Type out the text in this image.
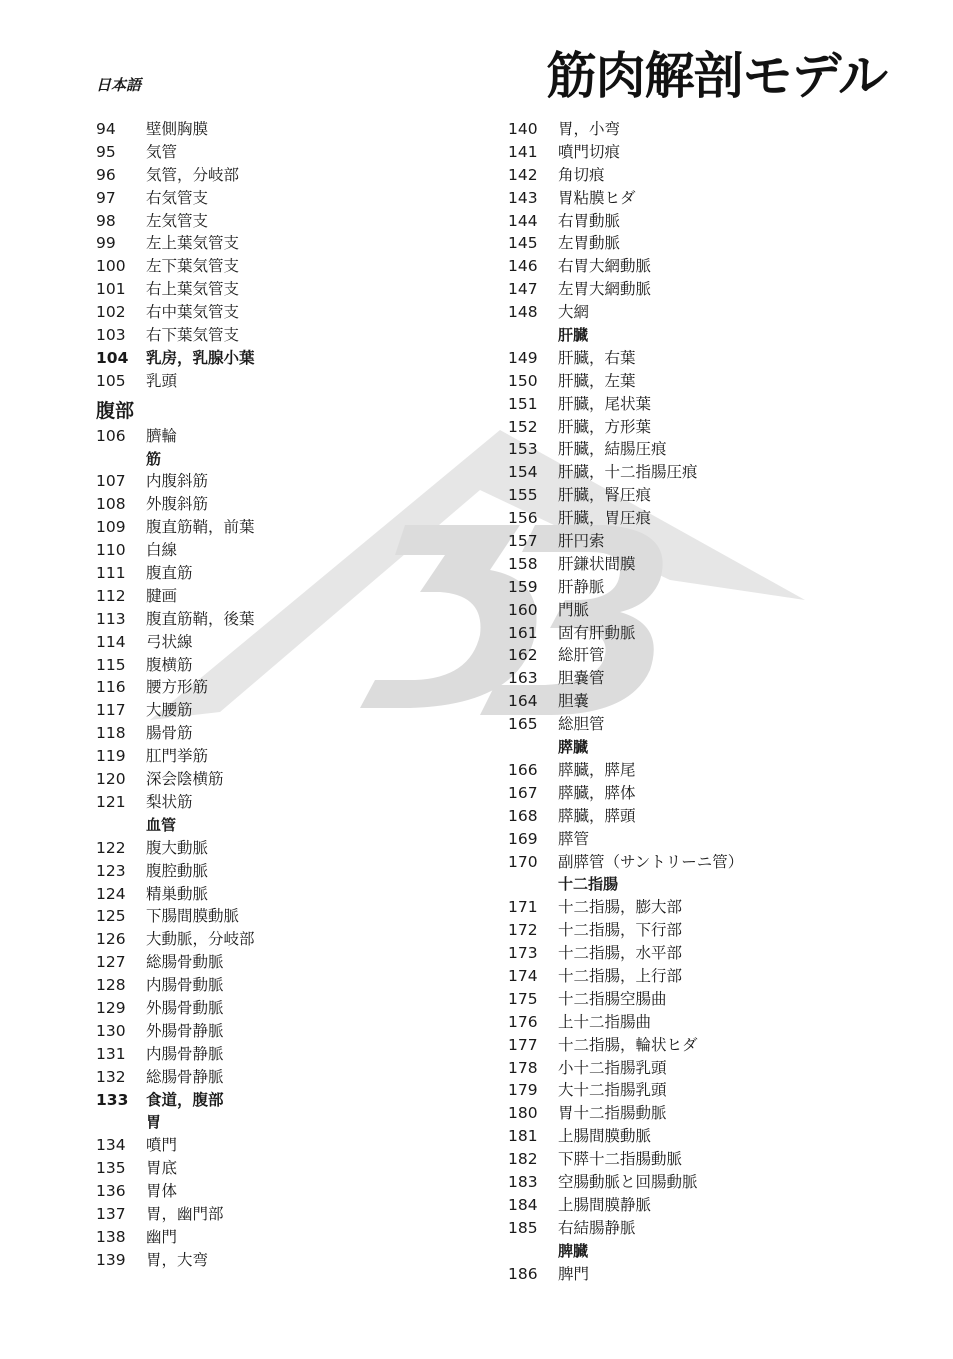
日本語	筋肉解剖モデル
94 壁側胸膜
95 気管
96 気管，分岐部
97 右気管支
98 左気管支
99 左上葉気管支
100 左下葉気管支
101 右上葉気管支
102 右中葉気管支
103 右下葉気管支
104 乳房，乳腺小葉
105 乳頭
腹部
106 臍輪
筋
107 内腹斜筋
108 外腹斜筋
109 腹直筋鞘，前葉
110 白線
111 腹直筋
112 腱画
113 腹直筋鞘，後葉
114 弓状線
115 腹横筋
116 腰方形筋
117 大腰筋
118 腸骨筋
119 肛門挙筋
120 深会陰横筋
121 梨状筋
血管
122 腹大動脈
123 腹腔動脈
124 精巣動脈
125 下腸間膜動脈
126 大動脈，分岐部
127 総腸骨動脈
128 内腸骨動脈
129 外腸骨動脈
130 外腸骨静脈
131 内腸骨静脈
132 総腸骨静脈
133 食道，腹部
胃
134 噴門
135 胃底
136 胃体
137 胃，幽門部
138 幽門
139 胃，大弯
140 胃，小弯
141 噴門切痕
142 角切痕
143 胃粘膜ヒダ
144 右胃動脈
145 左胃動脈
146 右胃大網動脈
147 左胃大網動脈
148 大網
肝臓
149 肝臓，右葉
150 肝臓，左葉
151 肝臓，尾状葉
152 肝臓，方形葉
153 肝臓，結腸圧痕
154 肝臓，十二指腸圧痕
155 肝臓，腎圧痕
156 肝臓，胃圧痕
157 肝円索
158 肝鎌状間膜
159 肝静脈
160 門脈
161 固有肝動脈
162 総肝管
163 胆嚢管
164 胆嚢
165 総胆管
膵臓
166 膵臓，膵尾
167 膵臓，膵体
168 膵臓，膵頭
169 膵管
170 副膵管（サントリーニ管）
十二指腸
171 十二指腸，膨大部
172 十二指腸，下行部
173 十二指腸，水平部
174 十二指腸，上行部
175 十二指腸空腸曲
176 上十二指腸曲
177 十二指腸，輪状ヒダ
178 小十二指腸乳頭
179 大十二指腸乳頭
180 胃十二指腸動脈
181 上腸間膜動脈
182 下膵十二指腸動脈
183 空腸動脈と回腸動脈
184 上腸間膜静脈
185 右結腸静脈
脾臓
186 脾門
